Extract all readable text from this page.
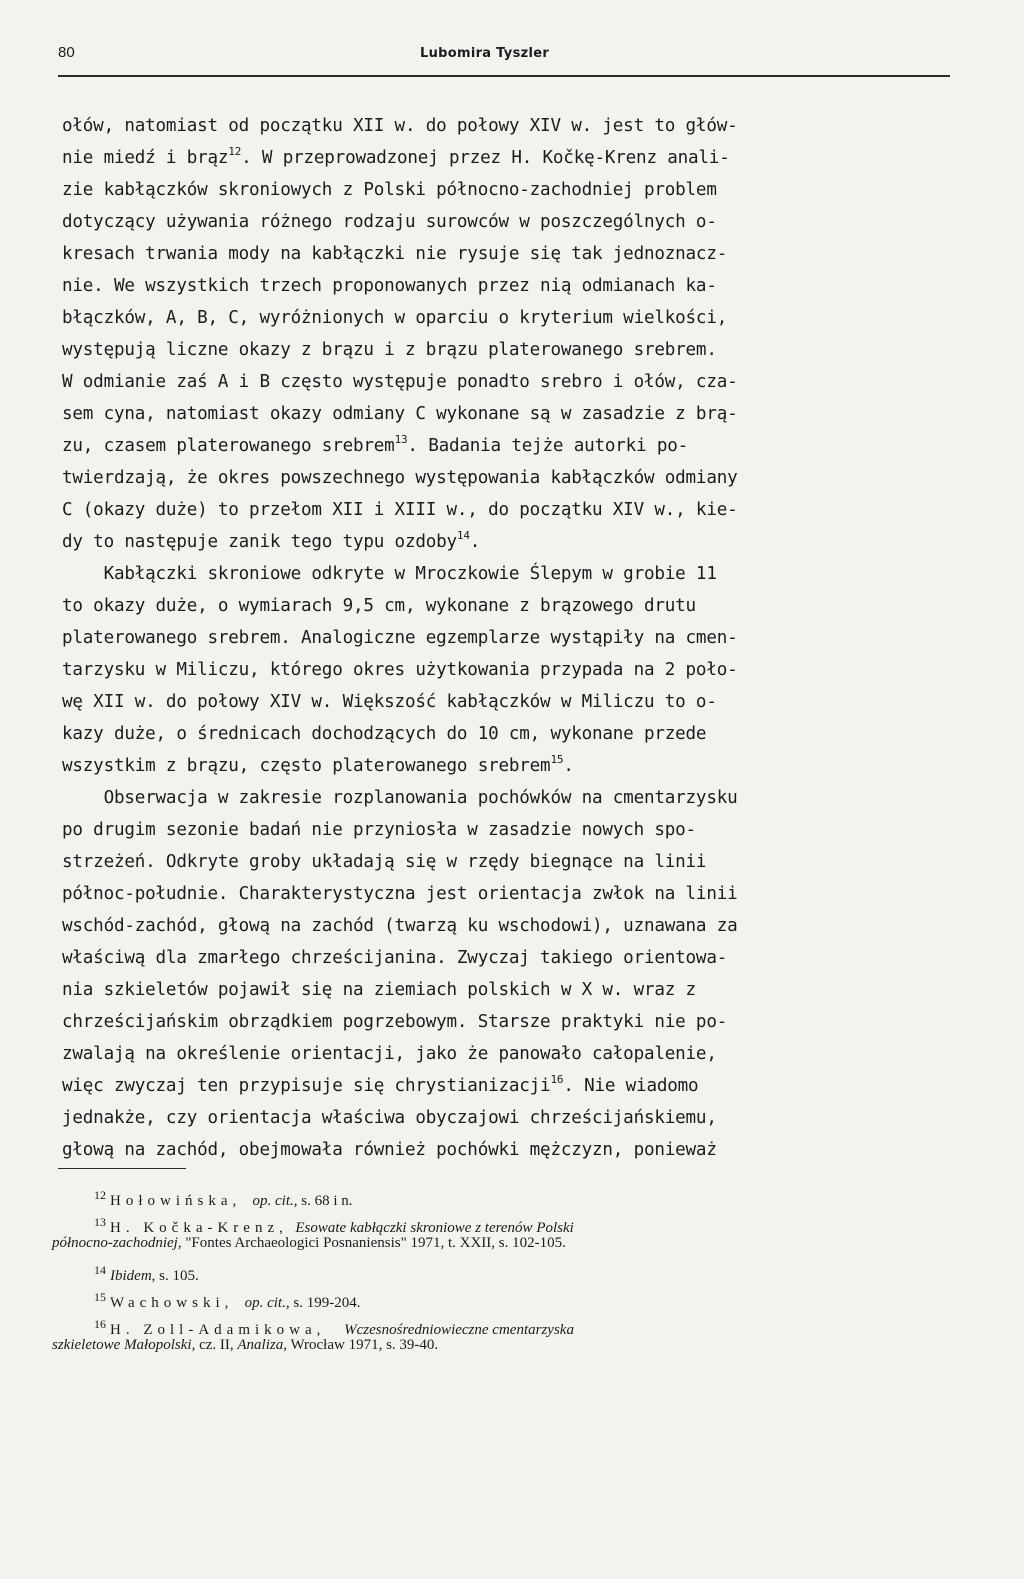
80	Lubomira Tyszler
ołów, natomiast od początku XII w. do połowy XIV w. jest to głów-
nie miedź i brąz$^{12}$. W przeprowadzonej przez H. Kočkę-Krenz anali-
zie kabłączków skroniowych z Polski północno-zachodniej problem
dotyczący używania różnego rodzaju surowców w poszczególnych o-
kresach trwania mody na kabłączki nie rysuje się tak jednoznacz-
nie. We wszystkich trzech proponowanych przez nią odmianach ka-
błączków, A, B, C, wyróżnionych w oparciu o kryterium wielkości,
występują liczne okazy z brązu i z brązu platerowanego srebrem.
W odmianie zaś A i B często występuje ponadto srebro i ołów, cza-
sem cyna, natomiast okazy odmiany C wykonane są w zasadzie z brą-
zu, czasem platerowanego srebrem$^{13}$. Badania tejże autorki po-
twierdzają, że okres powszechnego występowania kabłączków odmiany
C (okazy duże) to przełom XII i XIII w., do początku XIV w., kie-
dy to następuje zanik tego typu ozdoby$^{14}$.
Kabłączki skroniowe odkryte w Mroczkowie Ślepym w grobie 11
to okazy duże, o wymiarach 9,5 cm, wykonane z brązowego drutu
platerowanego srebrem. Analogiczne egzemplarze wystąpiły na cmen-
tarzysku w Miliczu, którego okres użytkowania przypada na 2 poło-
wę XII w. do połowy XIV w. Większość kabłączków w Miliczu to o-
kazy duże, o średnicach dochodzących do 10 cm, wykonane przede
wszystkim z brązu, często platerowanego srebrem$^{15}$.
Obserwacja w zakresie rozplanowania pochówków na cmentarzysku
po drugim sezonie badań nie przyniosła w zasadzie nowych spo-
strzeżeń. Odkryte groby układają się w rzędy biegnące na linii
północ-południe. Charakterystyczna jest orientacja zwłok na linii
wschód-zachód, głową na zachód (twarzą ku wschodowi), uznawana za
właściwą dla zmarłego chrześcijanina. Zwyczaj takiego orientowa-
nia szkieletów pojawił się na ziemiach polskich w X w. wraz z
chrześcijańskim obrządkiem pogrzebowym. Starsze praktyki nie po-
zwalają na określenie orientacji, jako że panowało całopalenie,
więc zwyczaj ten przypisuje się chrystianizacji$^{16}$. Nie wiadomo
jednakże, czy orientacja właściwa obyczajowi chrześcijańskiemu,
głową na zachód, obejmowała również pochówki mężczyzn, ponieważ
$^{12}$ Hołowińska, op. cit., s. 68 i n.
$^{13}$ H. Kočka-Krenz, Esowate kabłączki skroniowe z terenów Polski
północno-zachodniej, "Fontes Archaeologici Posnaniensis" 1971, t. XXII, s. 102-105.
$^{14}$ Ibidem, s. 105.
$^{15}$ Wachowski, op. cit., s. 199-204.
$^{16}$ H. Zoll-Adamikowa, Wczesnośredniowieczne cmentarzyska
szkieletowe Małopolski, cz. II, Analiza, Wrocław 1971, s. 39-40.
